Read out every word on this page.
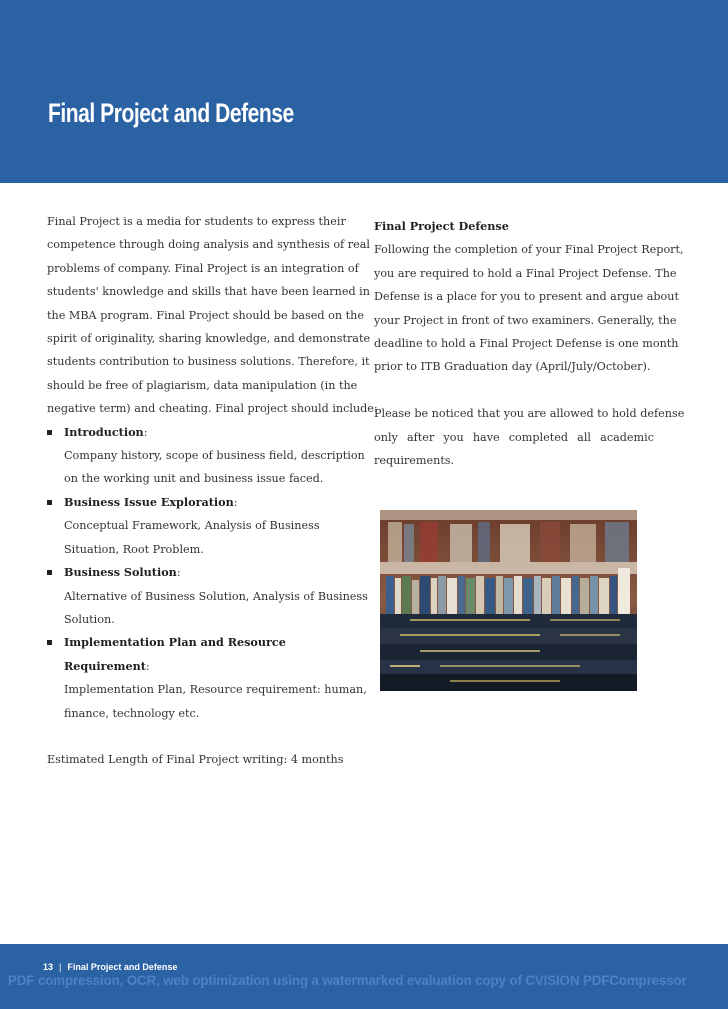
Final Project and Defense
Final Project is a media for students to express their
competence through doing analysis and synthesis of real
problems of company. Final Project is an integration of
students' knowledge and skills that have been learned in
the MBA program. Final Project should be based on the
spirit of originality, sharing knowledge, and demonstrate
students contribution to business solutions. Therefore, it
should be free of plagiarism, data manipulation (in the
negative term) and cheating. Final project should include:
Introduction:
Company history, scope of business field, description
on the working unit and business issue faced.
Business Issue Exploration:
Conceptual Framework, Analysis of Business
Situation, Root Problem.
Business Solution:
Alternative of Business Solution, Analysis of Business
Solution.
Implementation Plan and Resource Requirement:
Implementation Plan, Resource requirement: human,
finance, technology etc.
Estimated Length of Final Project writing: 4 months
Final Project Defense
Following the completion of your Final Project Report,
you are required to hold a Final Project Defense. The
Defense is a place for you to present and argue about
your Project in front of two examiners. Generally, the
deadline to hold a Final Project Defense is one month
prior to ITB Graduation day (April/July/October).
Please be noticed that you are allowed to hold defense
only after you have completed all academic
requirements.
13 | Final Project and Defense
PDF compression, OCR, web optimization using a watermarked evaluation copy of CVISION PDFCompressor
